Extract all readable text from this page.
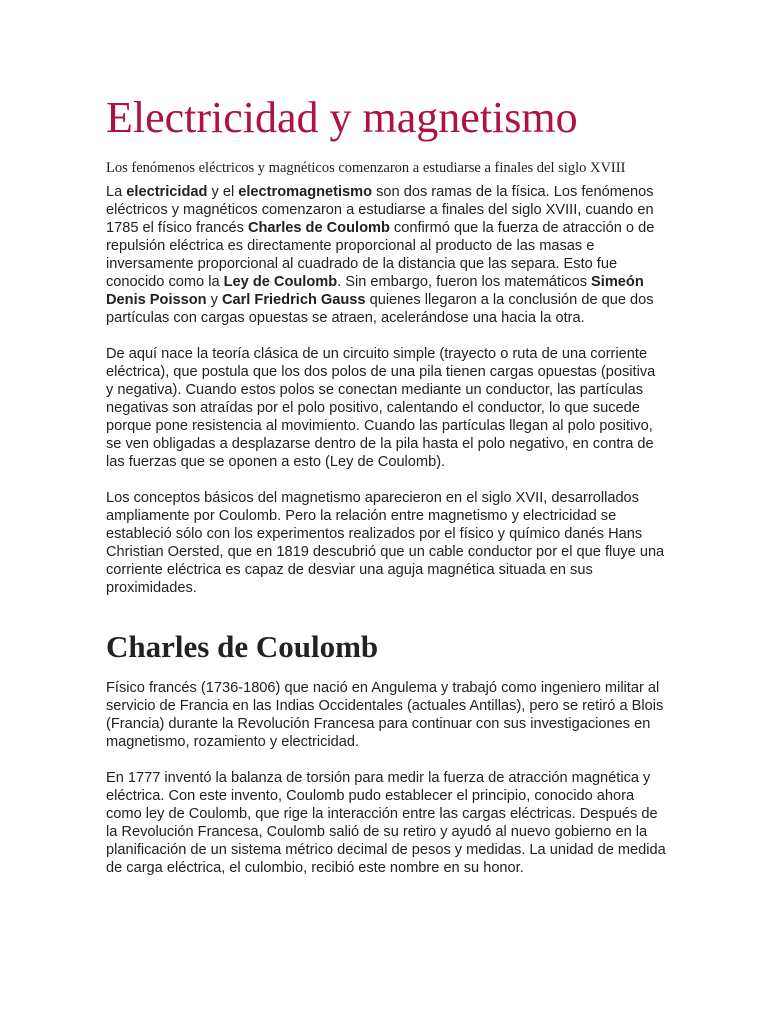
Electricidad y magnetismo
Los fenómenos eléctricos y magnéticos comenzaron a estudiarse a finales del siglo XVIII

La electricidad y el electromagnetismo son dos ramas de la física. Los fenómenos eléctricos y magnéticos comenzaron a estudiarse a finales del siglo XVIII, cuando en 1785 el físico francés Charles de Coulomb confirmó que la fuerza de atracción o de repulsión eléctrica es directamente proporcional al producto de las masas e inversamente proporcional al cuadrado de la distancia que las separa. Esto fue conocido como la Ley de Coulomb. Sin embargo, fueron los matemáticos Simeón Denis Poisson y Carl Friedrich Gauss quienes llegaron a la conclusión de que dos partículas con cargas opuestas se atraen, acelerándose una hacia la otra.

De aquí nace la teoría clásica de un circuito simple (trayecto o ruta de una corriente eléctrica), que postula que los dos polos de una pila tienen cargas opuestas (positiva y negativa). Cuando estos polos se conectan mediante un conductor, las partículas negativas son atraídas por el polo positivo, calentando el conductor, lo que sucede porque pone resistencia al movimiento. Cuando las partículas llegan al polo positivo, se ven obligadas a desplazarse dentro de la pila hasta el polo negativo, en contra de las fuerzas que se oponen a esto (Ley de Coulomb).

Los conceptos básicos del magnetismo aparecieron en el siglo XVII, desarrollados ampliamente por Coulomb. Pero la relación entre magnetismo y electricidad se estableció sólo con los experimentos realizados por el físico y químico danés Hans Christian Oersted, que en 1819 descubrió que un cable conductor por el que fluye una corriente eléctrica es capaz de desviar una aguja magnética situada en sus proximidades.

Charles de Coulomb

Físico francés (1736-1806) que nació en Angulema y trabajó como ingeniero militar al servicio de Francia en las Indias Occidentales (actuales Antillas), pero se retiró a Blois (Francia) durante la Revolución Francesa para continuar con sus investigaciones en magnetismo, rozamiento y electricidad.

En 1777 inventó la balanza de torsión para medir la fuerza de atracción magnética y eléctrica. Con este invento, Coulomb pudo establecer el principio, conocido ahora como ley de Coulomb, que rige la interacción entre las cargas eléctricas. Después de la Revolución Francesa, Coulomb salió de su retiro y ayudó al nuevo gobierno en la planificación de un sistema métrico decimal de pesos y medidas. La unidad de medida de carga eléctrica, el culombio, recibió este nombre en su honor.
